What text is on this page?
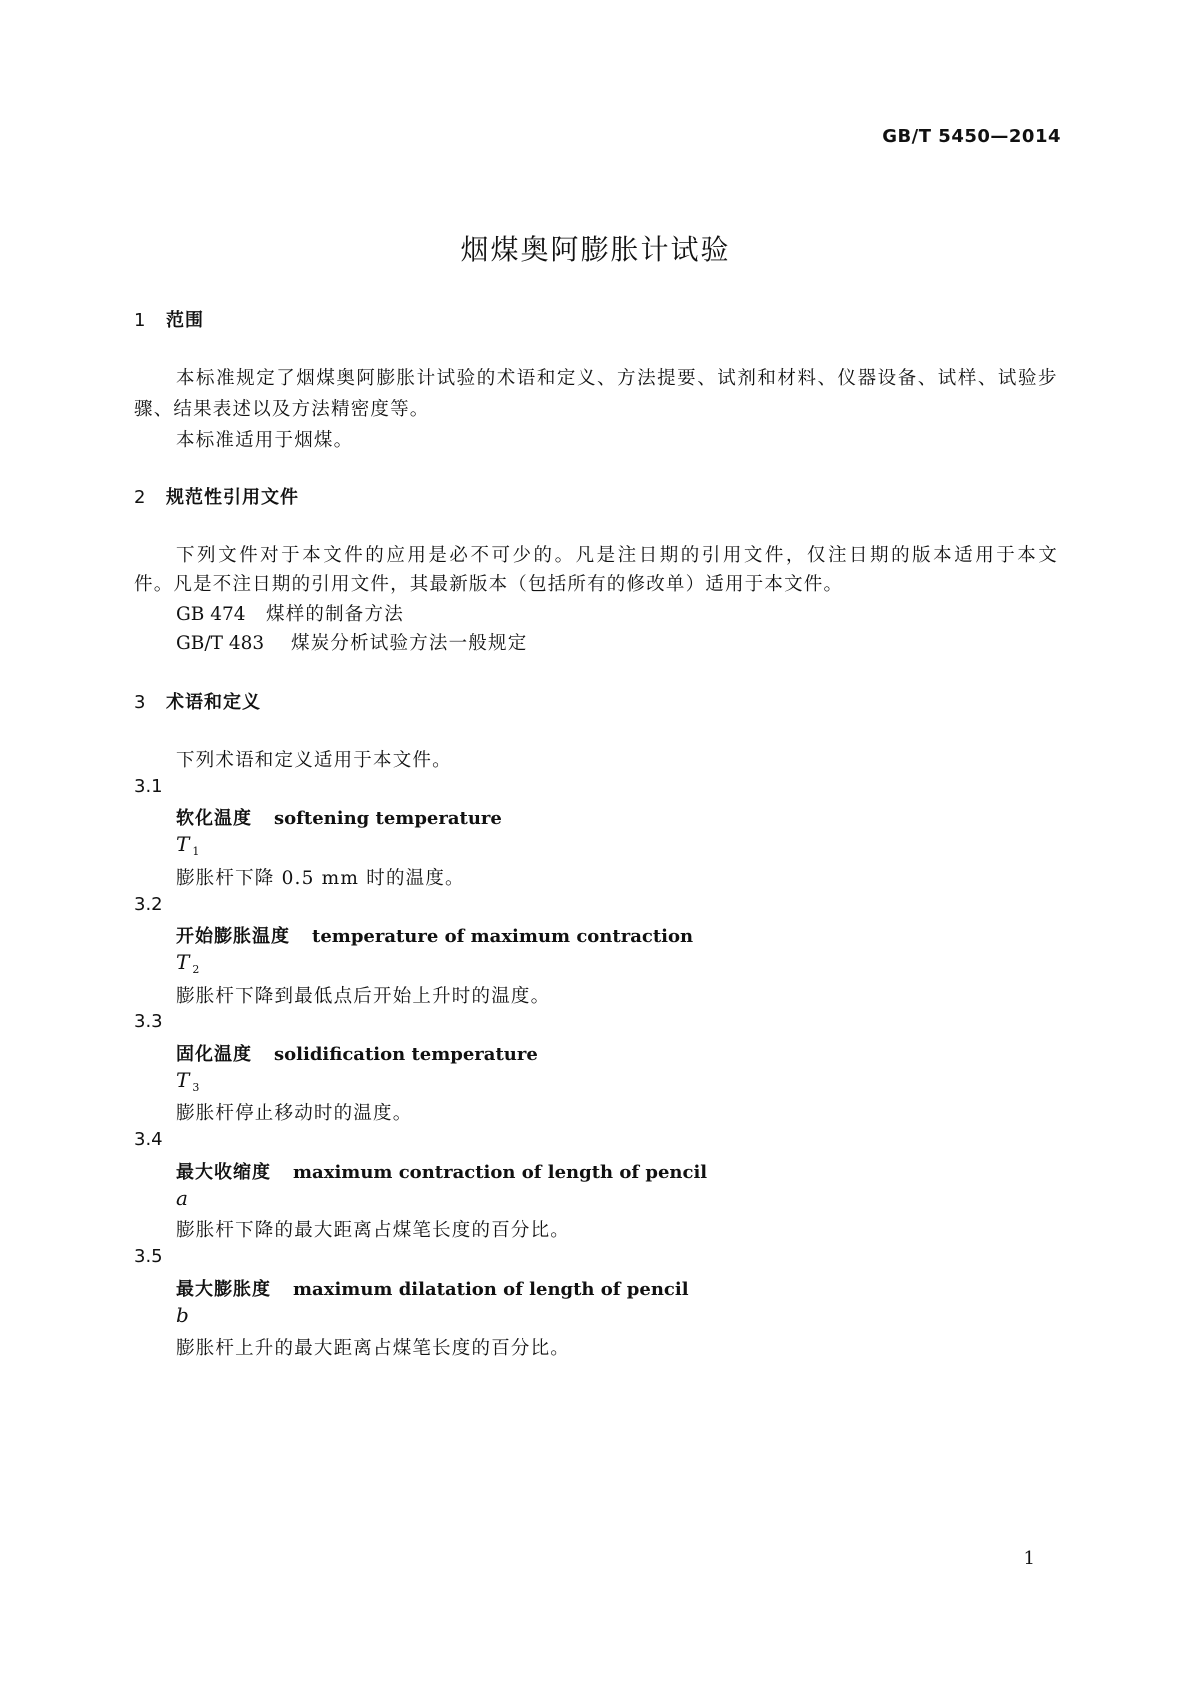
GB/T 5450—2014
烟煤奥阿膨胀计试验
1 范围
本 标 准 规 定 了 烟 煤 奥 阿 膨 胀 计 试 验 的 术 语 和 定 义 、 方 法 提 要 、 试 剂 和 材 料 、 仪 器 设 备 、 试 样 、 试 验 步
骤、结果表述以及方法精密度等。
本标准适用于烟煤。
2 规范性引用文件
下 列 文 件 对 于 本 文 件 的 应 用 是 必 不 可 少 的 。 凡 是 注 日 期 的 引 用 文 件 ， 仅 注 日 期 的 版 本 适 用 于 本 文
件。凡是不注日期的引用文件，其最新版本（包括所有的修改单）适用于本文件。
GB 474 煤样的制备方法
GB/T 483 煤炭分析试验方法一般规定
3 术语和定义
下列术语和定义适用于本文件。
3.1
软化温度 softening temperature
T $_1$
膨胀杆下降 0.5 mm 时的温度。
3.2
开始膨胀温度 temperature of maximum contraction
T $_2$
膨胀杆下降到最低点后开始上升时的温度。
3.3
固化温度 solidification temperature
T $_3$
膨胀杆停止移动时的温度。
3.4
最大收缩度 maximum contraction of length of pencil
a
膨胀杆下降的最大距离占煤笔长度的百分比。
3.5
最大膨胀度 maximum dilatation of length of pencil
b
膨胀杆上升的最大距离占煤笔长度的百分比。
1
